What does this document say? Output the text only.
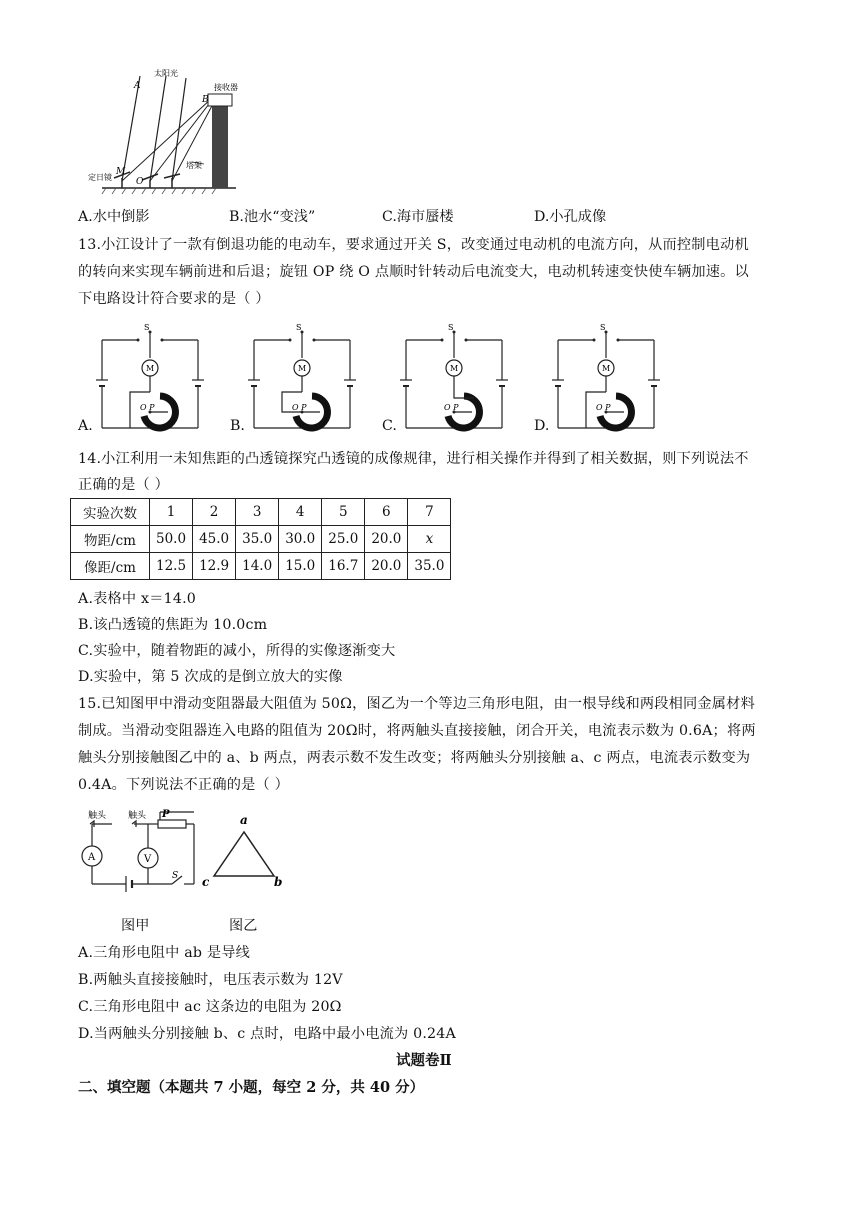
A
太阳光
B
接收器
M
定日镜	O
塔架
A.水中倒影	B.池水“变浅”	C.海市蜃楼	D.小孔成像
13.小江设计了一款有倒退功能的电动车，要求通过开关 S，改变通过电动机的电流方向，从而控制电动机
的转向来实现车辆前进和后退；旋钮 OP 绕 O 点顺时针转动后电流变大，电动机转速变快使车辆加速。以
下电路设计符合要求的是（ ）
S
M
O P
S
M
O P
S
M
O P
S
M
O P
A.	B.	C.	D.
14.小江利用一未知焦距的凸透镜探究凸透镜的成像规律，进行相关操作并得到了相关数据，则下列说法不
正确的是（ ）
实验次数	1	2	3	4	5	6	7
物距/cm	50.0	45.0	35.0	30.0	25.0	20.0	x
像距/cm	12.5	12.9	14.0	15.0	16.7	20.0	35.0
A.表格中 x＝14.0
B.该凸透镜的焦距为 10.0cm
C.实验中，随着物距的减小，所得的实像逐渐变大
D.实验中，第 5 次成的是倒立放大的实像
15.已知图甲中滑动变阻器最大阻值为 50Ω，图乙为一个等边三角形电阻，由一根导线和两段相同金属材料
制成。当滑动变阻器连入电路的阻值为 20Ω时，将两触头直接接触，闭合开关，电流表示数为 0.6A；将两
触头分别接触图乙中的 a、b 两点，两表示数不发生改变；将两触头分别接触 a、c 两点，电流表示数变为
0.4A。下列说法不正确的是（ ）
触头 触头 P
A	V
S
a
c	b
图甲	图乙
A.三角形电阻中 ab 是导线
B.两触头直接接触时，电压表示数为 12V
C.三角形电阻中 ac 这条边的电阻为 20Ω
D.当两触头分别接触 b、c 点时，电路中最小电流为 0.24A
试题卷Ⅱ
二、填空题（本题共 7 小题，每空 2 分，共 40 分）
